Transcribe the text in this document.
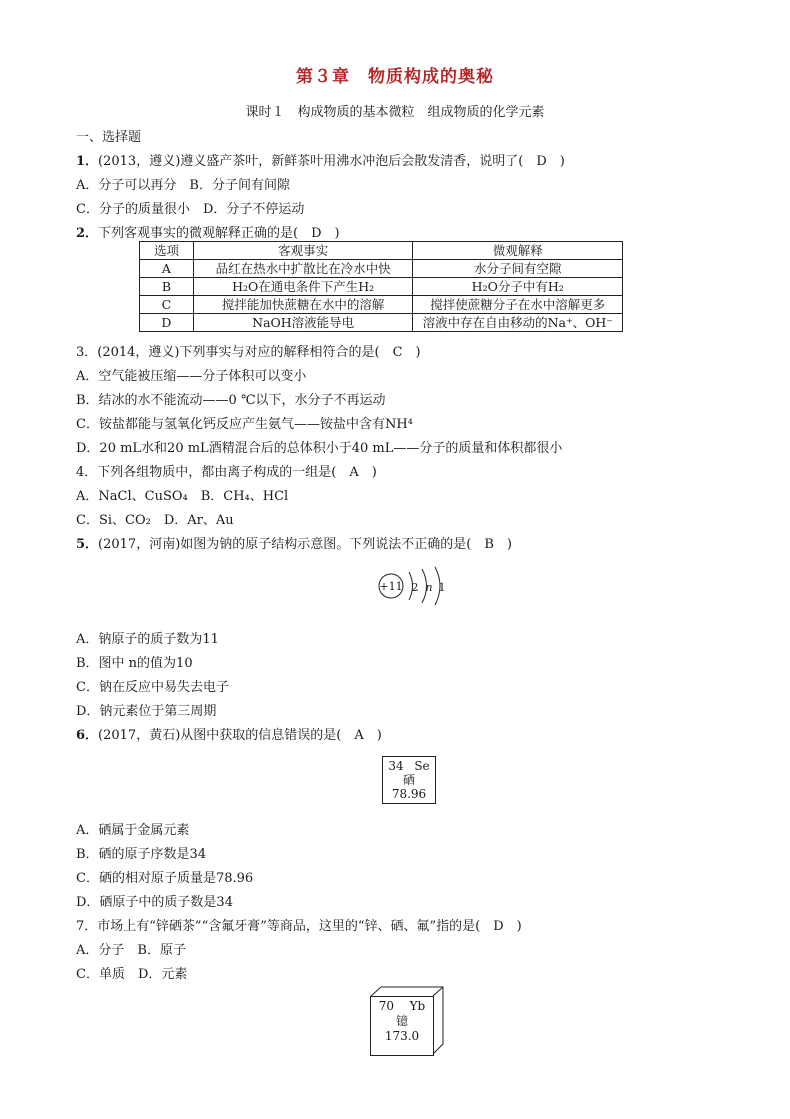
第３章　物质构成的奥秘
课时１　构成物质的基本微粒　组成物质的化学元素
一、选择题
1．(2013，遵义)遵义盛产茶叶，新鲜茶叶用沸水冲泡后会散发清香，说明了(　D　)
A．分子可以再分　B．分子间有间隙
C．分子的质量很小　D．分子不停运动
2．下列客观事实的微观解释正确的是(　D　)
选项	客观事实	微观解释
A	品红在热水中扩散比在冷水中快	水分子间有空隙
B	H₂O在通电条件下产生H₂	H₂O分子中有H₂
C	搅拌能加快蔗糖在水中的溶解	搅拌使蔗糖分子在水中溶解更多
D	NaOH溶液能导电	溶液中存在自由移动的Na⁺、OH⁻
3．(2014，遵义)下列事实与对应的解释相符合的是(　C　)
A．空气能被压缩——分子体积可以变小
B．结冰的水不能流动——0 ℃以下，水分子不再运动
C．铵盐都能与氢氧化钙反应产生氨气——铵盐中含有NH⁴
D．20 mL水和20 mL酒精混合后的总体积小于40 mL——分子的质量和体积都很小
4．下列各组物质中，都由离子构成的一组是(　A　)
A．NaCl、CuSO₄　B．CH₄、HCl
C．Si、CO₂　D．Ar、Au
5．(2017，河南)如图为钠的原子结构示意图。下列说法不正确的是(　B　)
+11 2 n 1
A．钠原子的质子数为11
B．图中 n的值为10
C．钠在反应中易失去电子
D．钠元素位于第三周期
6．(2017，黄石)从图中获取的信息错误的是(　A　)
34 Se
硒
78.96
A．硒属于金属元素
B．硒的原子序数是34
C．硒的相对原子质量是78.96
D．硒原子中的质子数是34
7．市场上有“锌硒茶”“含氟牙膏”等商品，这里的“锌、硒、氟”指的是(　D　)
A．分子　B．原子
C．单质　D．元素
70 Yb
镱
173.0
